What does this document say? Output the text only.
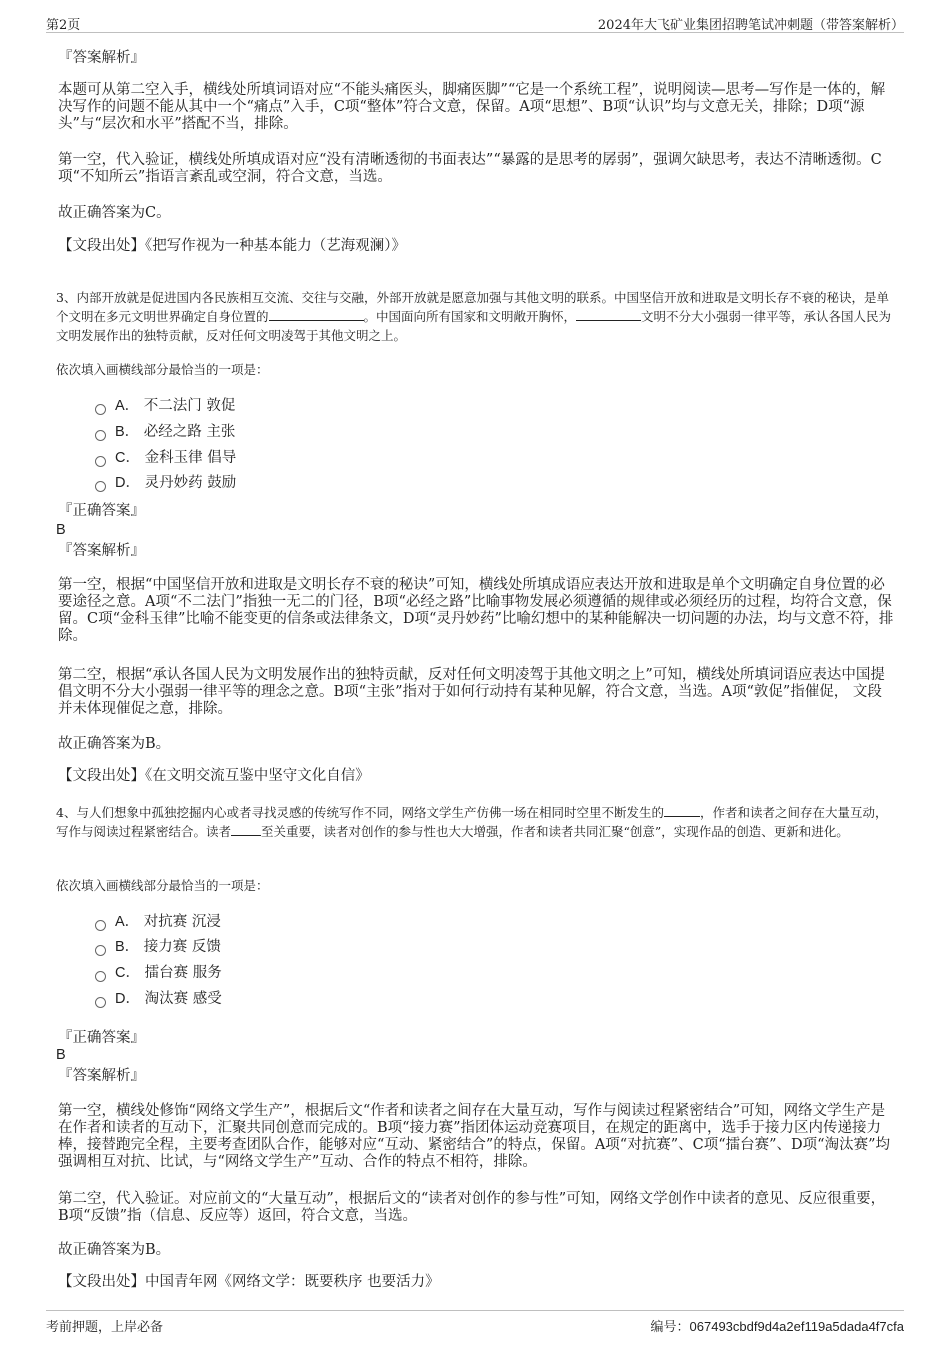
第2页	2024年大飞矿业集团招聘笔试冲刺题（带答案解析）
『答案解析』

本题可从第二空入手，横线处所填词语对应“不能头痛医头，脚痛医脚”“它是一个系统工程”，说明阅读—思考—写作是一体的，解决写作的问题不能从其中一个“痛点”入手，C项“整体”符合文意，保留。A项“思想”、B项“认识”均与文意无关，排除；D项“源头”与“层次和水平”搭配不当，排除。

第一空，代入验证，横线处所填成语对应“没有清晰透彻的书面表达”“暴露的是思考的孱弱”，强调欠缺思考，表达不清晰透彻。C项“不知所云”指语言紊乱或空洞，符合文意，当选。

故正确答案为C。

【文段出处】《把写作视为一种基本能力（艺海观澜）》

3、内部开放就是促进国内各民族相互交流、交往与交融，外部开放就是愿意加强与其他文明的联系。中国坚信开放和进取是文明长存不衰的秘诀，是单个文明在多元文明世界确定自身位置的	。中国面向所有国家和文明敞开胸怀，	文明不分大小强弱一律平等，承认各国人民为文明发展作出的独特贡献，反对任何文明凌驾于其他文明之上。

依次填入画横线部分最恰当的一项是：

A． 不二法门 敦促
B． 必经之路 主张
C． 金科玉律 倡导
D． 灵丹妙药 鼓励
『正确答案』
B
『答案解析』

第一空，根据“中国坚信开放和进取是文明长存不衰的秘诀”可知，横线处所填成语应表达开放和进取是单个文明确定自身位置的必要途径之意。A项“不二法门”指独一无二的门径，B项“必经之路”比喻事物发展必须遵循的规律或必须经历的过程，均符合文意，保留。C项“金科玉律”比喻不能变更的信条或法律条文，D项“灵丹妙药”比喻幻想中的某种能解决一切问题的办法，均与文意不符，排除。

第二空，根据“承认各国人民为文明发展作出的独特贡献，反对任何文明凌驾于其他文明之上”可知，横线处所填词语应表达中国提倡文明不分大小强弱一律平等的理念之意。B项“主张”指对于如何行动持有某种见解，符合文意，当选。A项“敦促”指催促， 文段并未体现催促之意，排除。

故正确答案为B。

【文段出处】《在文明交流互鉴中坚守文化自信》

4、与人们想象中孤独挖掘内心或者寻找灵感的传统写作不同，网络文学生产仿佛一场在相同时空里不断发生的	，作者和读者之间存在大量互动，写作与阅读过程紧密结合。读者 至关重要，读者对创作的参与性也大大增强，作者和读者共同汇聚“创意”，实现作品的创造、更新和进化。

依次填入画横线部分最恰当的一项是：

A． 对抗赛 沉浸
B． 接力赛 反馈
C． 擂台赛 服务
D． 淘汰赛 感受
『正确答案』
B
『答案解析』

第一空，横线处修饰“网络文学生产”，根据后文“作者和读者之间存在大量互动，写作与阅读过程紧密结合”可知，网络文学生产是在作者和读者的互动下，汇聚共同创意而完成的。B项“接力赛”指团体运动竞赛项目，在规定的距离中，选手于接力区内传递接力棒，接替跑完全程，主要考查团队合作，能够对应“互动、紧密结合”的特点，保留。A项“对抗赛”、C项“擂台赛”、D项“淘汰赛”均强调相互对抗、比试，与“网络文学生产”互动、合作的特点不相符，排除。

第二空，代入验证。对应前文的“大量互动”，根据后文的“读者对创作的参与性”可知，网络文学创作中读者的意见、反应很重要，B项“反馈”指（信息、反应等）返回，符合文意，当选。

故正确答案为B。

【文段出处】中国青年网《网络文学：既要秩序 也要活力》

考前押题，上岸必备	编号：067493cbdf9d4a2ef119a5dada4f7cfa
